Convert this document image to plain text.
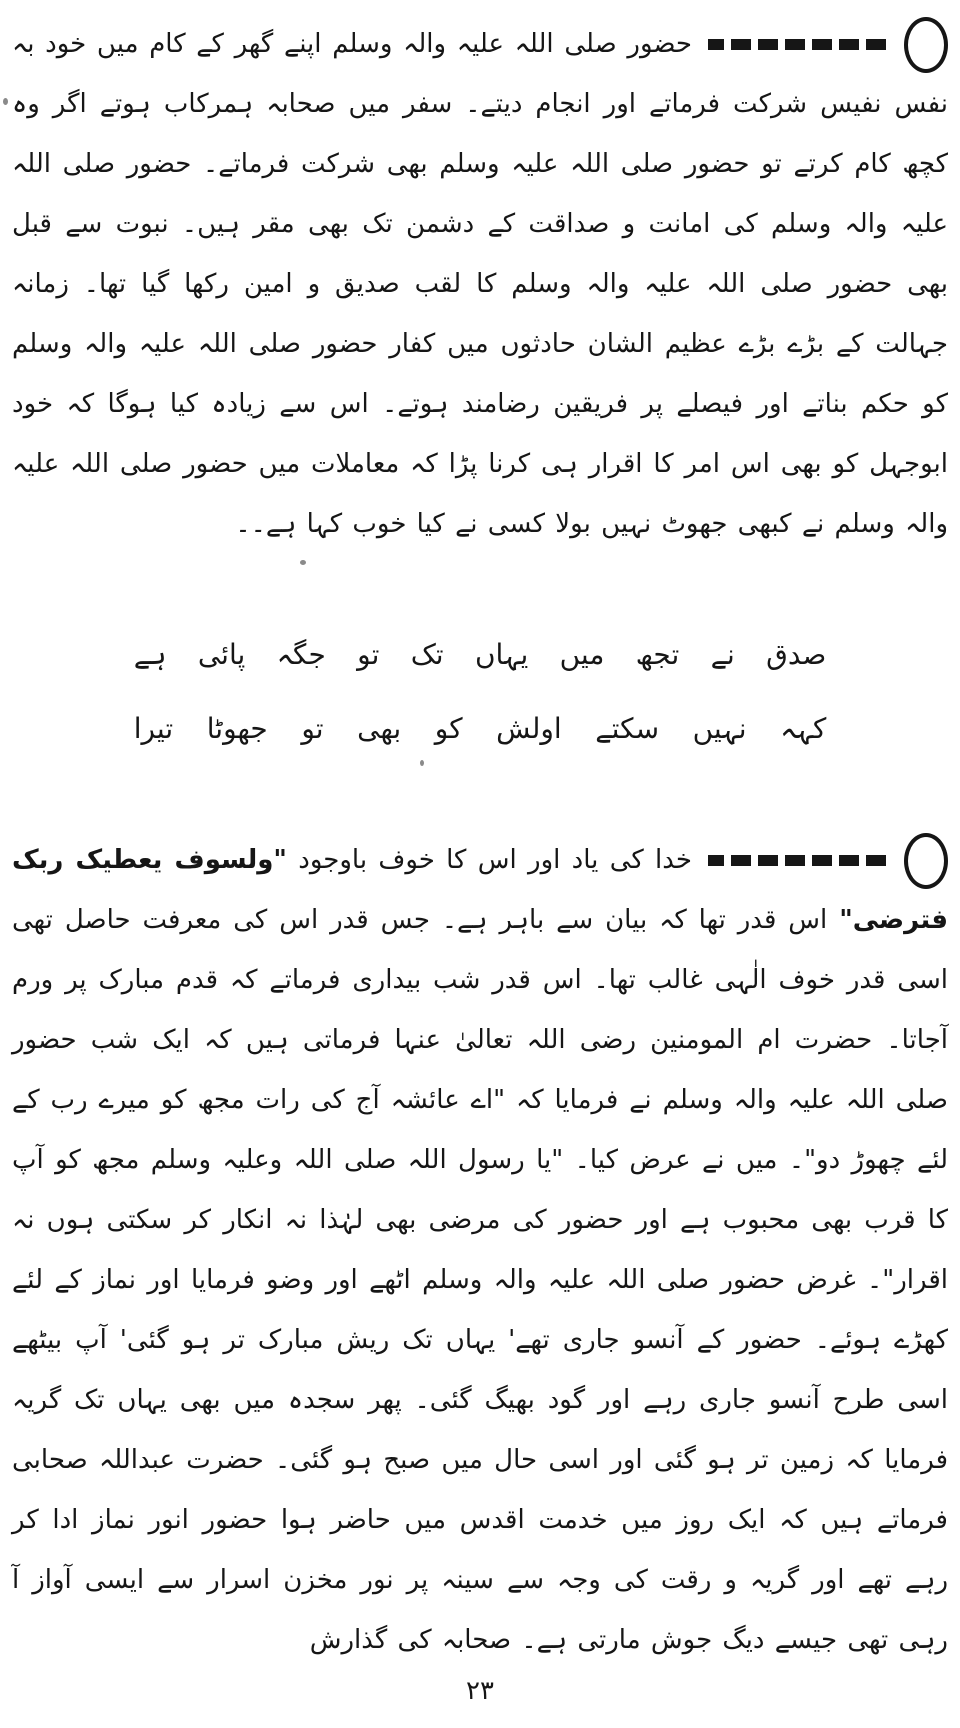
حضور صلی اللہ علیہ والہ وسلم اپنے گھر کے کام میں خود بہ نفس نفیس شرکت فرماتے اور انجام دیتے۔ سفر میں صحابہ ہمرکاب ہوتے اگر وہ کچھ کام کرتے تو حضور صلی اللہ علیہ وسلم بھی شرکت فرماتے۔ حضور صلی اللہ علیہ والہ وسلم کی امانت و صداقت کے دشمن تک بھی مقر ہیں۔ نبوت سے قبل بھی حضور صلی اللہ علیہ والہ وسلم کا لقب صدیق و امین رکھا گیا تھا۔ زمانہ جہالت کے بڑے بڑے عظیم الشان حادثوں میں کفار حضور صلی اللہ علیہ والہ وسلم کو حکم بناتے اور فیصلے پر فریقین رضامند ہوتے۔ اس سے زیادہ کیا ہوگا کہ خود ابوجہل کو بھی اس امر کا اقرار ہی کرنا پڑا کہ معاملات میں حضور صلی اللہ علیہ والہ وسلم نے کبھی جھوٹ نہیں بولا کسی نے کیا خوب کہا ہے۔۔

صدق نے تجھ میں یہاں تک تو جگہ پائی ہے
کہہ نہیں سکتے اولش کو بھی تو جھوٹا تیرا

خدا کی یاد اور اس کا خوف باوجود "ولسوف یعطیک ربک فترضی" اس قدر تھا کہ بیان سے باہر ہے۔ جس قدر اس کی معرفت حاصل تھی اسی قدر خوف الٰہی غالب تھا۔ اس قدر شب بیداری فرماتے کہ قدم مبارک پر ورم آجاتا۔ حضرت ام المومنین رضی اللہ تعالیٰ عنہا فرماتی ہیں کہ ایک شب حضور صلی اللہ علیہ والہ وسلم نے فرمایا کہ "اے عائشہ آج کی رات مجھ کو میرے رب کے لئے چھوڑ دو"۔ میں نے عرض کیا۔ "یا رسول اللہ صلی اللہ وعلیہ وسلم مجھ کو آپ کا قرب بھی محبوب ہے اور حضور کی مرضی بھی لہٰذا نہ انکار کر سکتی ہوں نہ اقرار"۔ غرض حضور صلی اللہ علیہ والہ وسلم اٹھے اور وضو فرمایا اور نماز کے لئے کھڑے ہوئے۔ حضور کے آنسو جاری تھے' یہاں تک ریش مبارک تر ہو گئی' آپ بیٹھے اسی طرح آنسو جاری رہے اور گود بھیگ گئی۔ پھر سجدہ میں بھی یہاں تک گریہ فرمایا کہ زمین تر ہو گئی اور اسی حال میں صبح ہو گئی۔ حضرت عبداللہ صحابی فرماتے ہیں کہ ایک روز میں خدمت اقدس میں حاضر ہوا حضور انور نماز ادا کر رہے تھے اور گریہ و رقت کی وجہ سے سینہ پر نور مخزن اسرار سے ایسی آواز آ رہی تھی جیسے دیگ جوش مارتی ہے۔ صحابہ کی گذارش

۲۳
